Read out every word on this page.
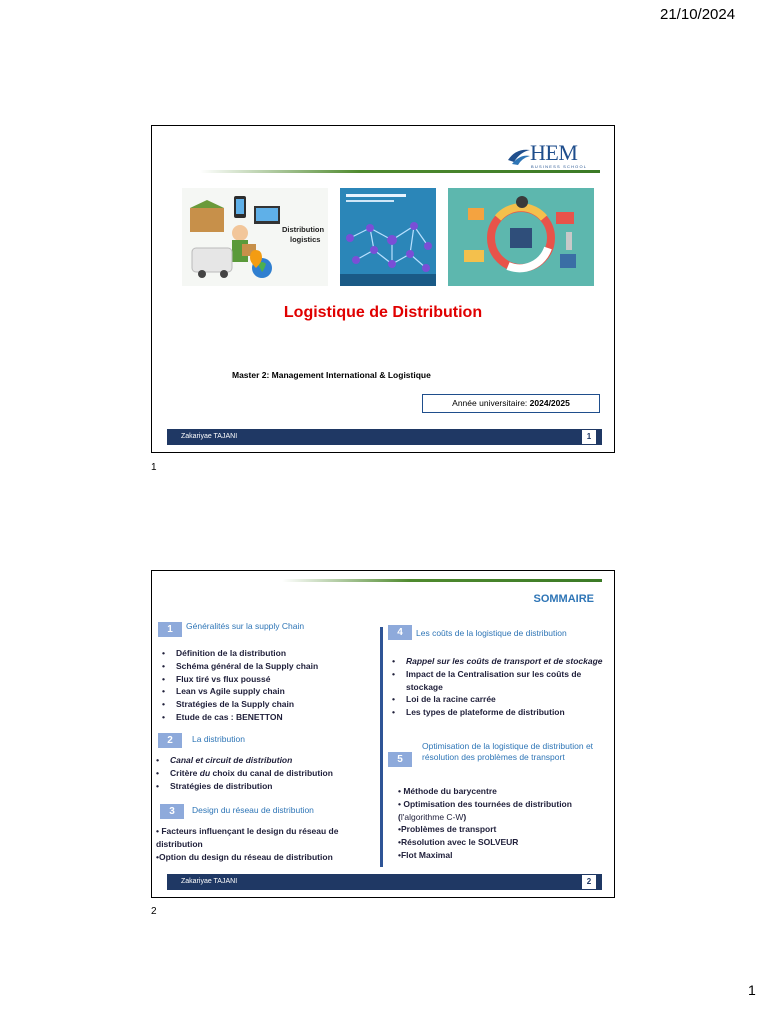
21/10/2024
HEM
BUSINESS SCHOOL
Distribution
logistics
Logistique de Distribution
Master 2: Management International & Logistique
Année universitaire: 2024/2025
Zakariyae TAJANI	1
1
SOMMAIRE
1	Généralités sur la supply Chain
• Définition de la distribution
• Schéma général de la Supply chain
• Flux tiré vs flux poussé
• Lean vs Agile supply chain
• Stratégies de la Supply chain
• Etude de cas : BENETTON
2	La distribution
• Canal et circuit de distribution
• Critère du choix du canal de distribution
• Stratégies de distribution
3	Design du réseau de distribution
• Facteurs influençant le design du réseau de distribution
•Option du design du réseau de distribution
4	Les coûts de la logistique de distribution
• Rappel sur les coûts de transport et de stockage
• Impact de la Centralisation sur les coûts de stockage
• Loi de la racine carrée
• Les types de plateforme de distribution
5
Optimisation de la logistique de distribution et résolution des problèmes de transport
• Méthode du barycentre
• Optimisation des tournées de distribution (l'algorithme C-W)
•Problèmes de transport
•Résolution avec le SOLVEUR
•Flot Maximal
Zakariyae TAJANI	2
2
1
